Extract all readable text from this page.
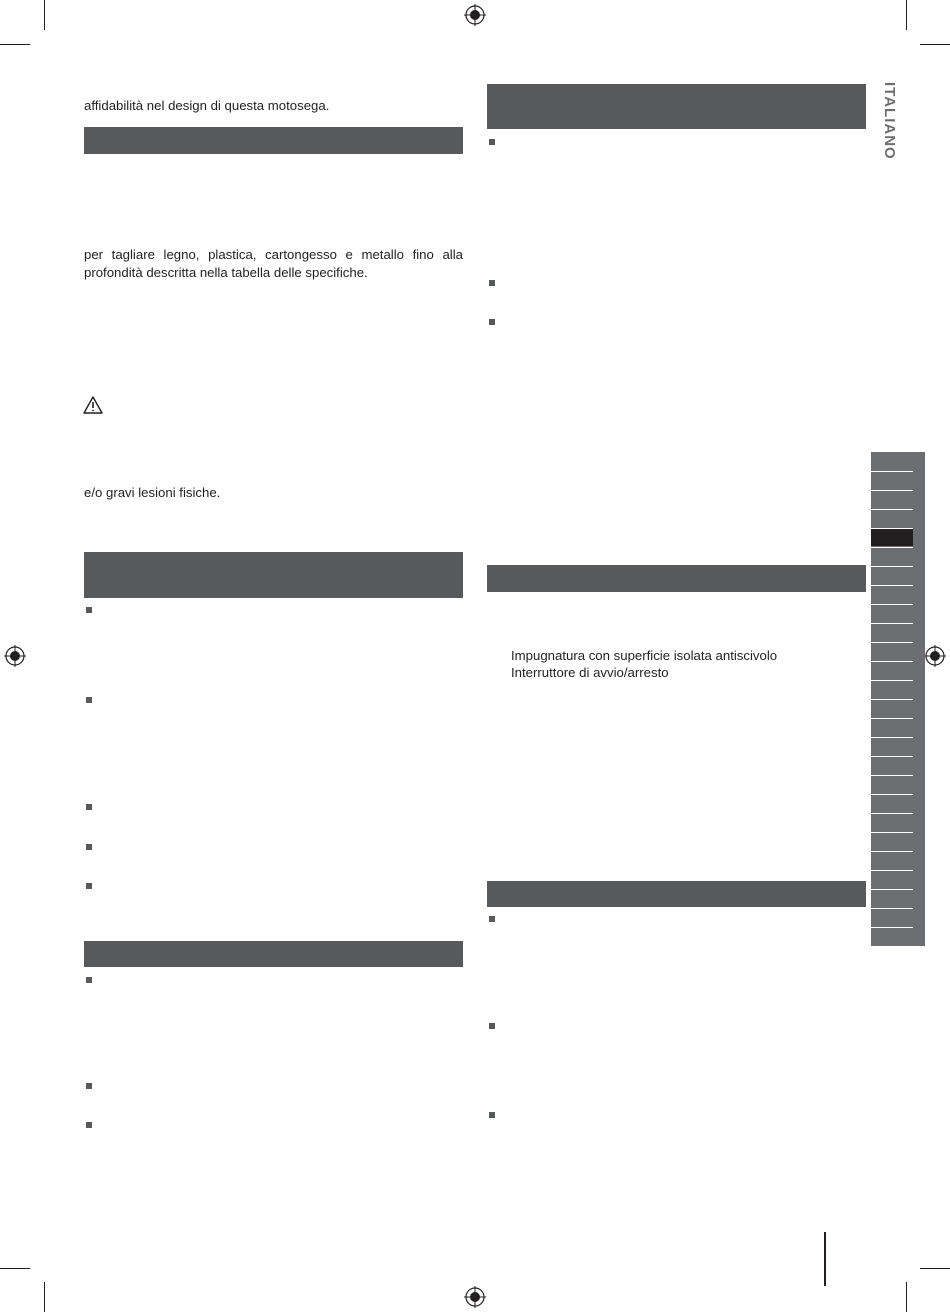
ITALIANO

affidabilità nel design di questa motosega.

per tagliare legno, plastica, cartongesso e metallo fino alla profondità descritta nella tabella delle specifiche.

e/o gravi lesioni fisiche.

Impugnatura con superficie isolata antiscivolo

Interruttore di avvio/arresto
